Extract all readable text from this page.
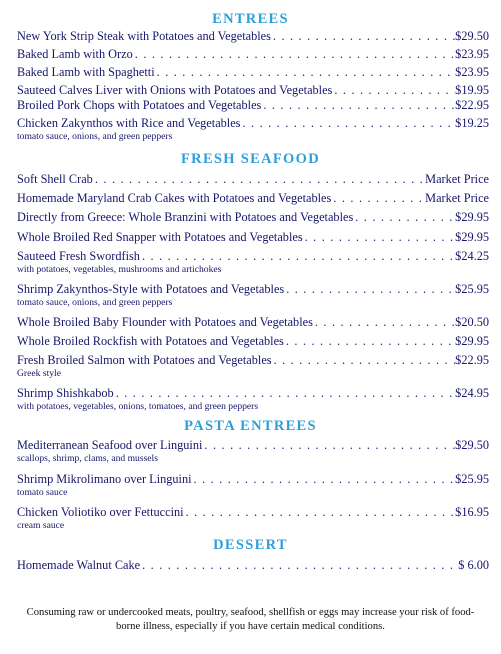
ENTREES
New York Strip Steak with Potatoes and Vegetables . . .	$29.50
Baked Lamb with Orzo . . .	$23.95
Baked Lamb with Spaghetti . . .	$23.95
Sauteed Calves Liver with Onions with Potatoes and Vegetables . . .	$19.95
Broiled Pork Chops with Potatoes and Vegetables . . .	$22.95
Chicken Zakynthos with Rice and Vegetables . . .	$19.25
tomato sauce, onions, and green peppers
FRESH SEAFOOD
Soft Shell Crab . . .	Market Price
Homemade Maryland Crab Cakes with Potatoes and Vegetables . . .	Market Price
Directly from Greece: Whole Branzini with Potatoes and Vegetables . . .	$29.95
Whole Broiled Red Snapper with Potatoes and Vegetables . . .	$29.95
Sauteed Fresh Swordfish . . .	$24.25
with potatoes, vegetables, mushrooms and artichokes
Shrimp Zakynthos-Style with Potatoes and Vegetables . . .	$25.95
tomato sauce, onions, and green peppers
Whole Broiled Baby Flounder with Potatoes and Vegetables . . .	$20.50
Whole Broiled Rockfish with Potatoes and Vegetables . . .	$29.95
Fresh Broiled Salmon with Potatoes and Vegetables . . .	$22.95
Greek style
Shrimp Shishkabob . . .	$24.95
with potatoes, vegetables, onions, tomatoes, and green peppers
PASTA ENTREES
Mediterranean Seafood over Linguini . . .	$29.50
scallops, shrimp, clams, and mussels
Shrimp Mikrolimano over Linguini . . .	$25.95
tomato sauce
Chicken Voliotiko over Fettuccini . . .	$16.95
cream sauce
DESSERT
Homemade Walnut Cake . . .	$ 6.00
Consuming raw or undercooked meats, poultry, seafood, shellfish or eggs may increase your risk of food-borne illness, especially if you have certain medical conditions.
